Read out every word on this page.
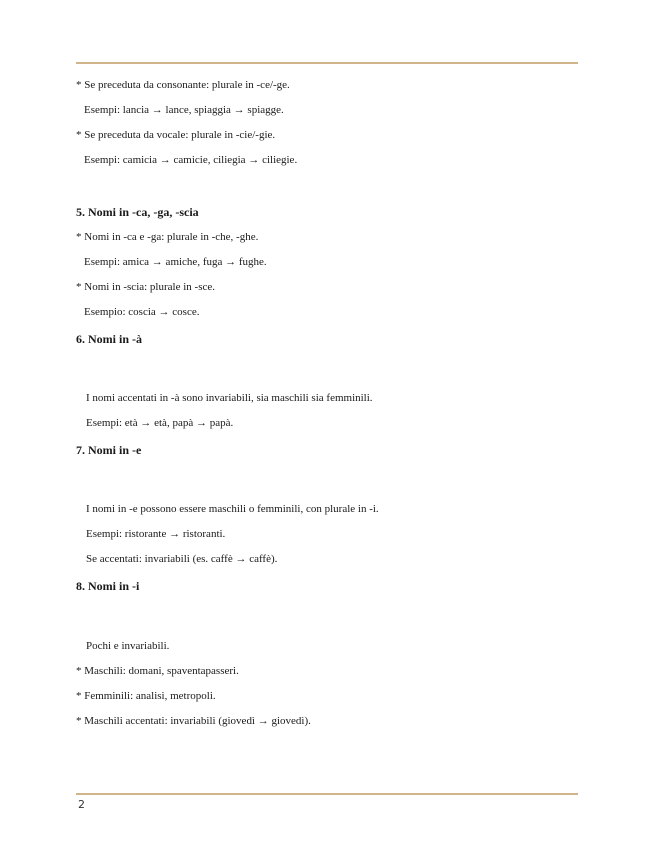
* Se preceduta da consonante: plurale in -ce/-ge.
Esempi: lancia → lance, spiaggia → spiagge.
* Se preceduta da vocale: plurale in -cie/-gie.
Esempi: camicia → camicie, ciliegia → ciliegie.
5. Nomi in -ca, -ga, -scia
* Nomi in -ca e -ga: plurale in -che, -ghe.
Esempi: amica → amiche, fuga → fughe.
* Nomi in -scia: plurale in -sce.
Esempio: coscia → cosce.
6. Nomi in -à
I nomi accentati in -à sono invariabili, sia maschili sia femminili.
Esempi: età → età, papà → papà.
7. Nomi in -e
I nomi in -e possono essere maschili o femminili, con plurale in -i.
Esempi: ristorante → ristoranti.
Se accentati: invariabili (es. caffè → caffè).
8. Nomi in -i
Pochi e invariabili.
* Maschili: domani, spaventapasseri.
* Femminili: analisi, metropoli.
* Maschili accentati: invariabili (giovedì → giovedì).
2
